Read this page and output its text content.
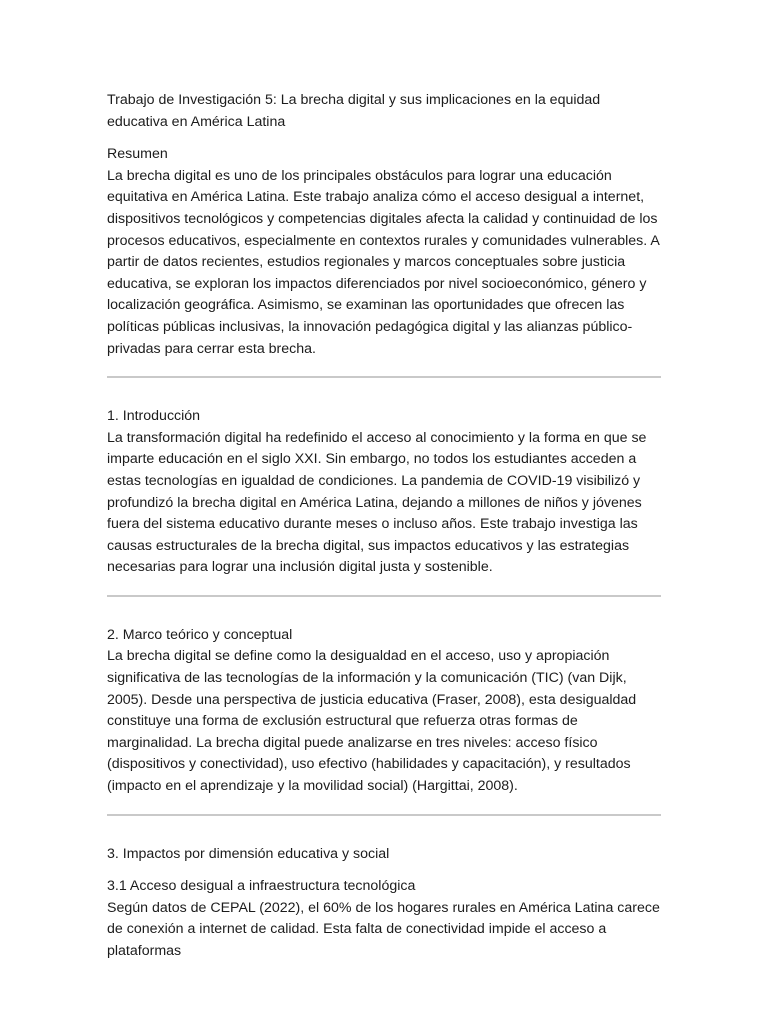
Trabajo de Investigación 5: La brecha digital y sus implicaciones en la equidad educativa en América Latina

Resumen

La brecha digital es uno de los principales obstáculos para lograr una educación equitativa en América Latina. Este trabajo analiza cómo el acceso desigual a internet, dispositivos tecnológicos y competencias digitales afecta la calidad y continuidad de los procesos educativos, especialmente en contextos rurales y comunidades vulnerables. A partir de datos recientes, estudios regionales y marcos conceptuales sobre justicia educativa, se exploran los impactos diferenciados por nivel socioeconómico, género y localización geográfica. Asimismo, se examinan las oportunidades que ofrecen las políticas públicas inclusivas, la innovación pedagógica digital y las alianzas público-privadas para cerrar esta brecha.

1. Introducción

La transformación digital ha redefinido el acceso al conocimiento y la forma en que se imparte educación en el siglo XXI. Sin embargo, no todos los estudiantes acceden a estas tecnologías en igualdad de condiciones. La pandemia de COVID-19 visibilizó y profundizó la brecha digital en América Latina, dejando a millones de niños y jóvenes fuera del sistema educativo durante meses o incluso años. Este trabajo investiga las causas estructurales de la brecha digital, sus impactos educativos y las estrategias necesarias para lograr una inclusión digital justa y sostenible.

2. Marco teórico y conceptual

La brecha digital se define como la desigualdad en el acceso, uso y apropiación significativa de las tecnologías de la información y la comunicación (TIC) (van Dijk, 2005). Desde una perspectiva de justicia educativa (Fraser, 2008), esta desigualdad constituye una forma de exclusión estructural que refuerza otras formas de marginalidad. La brecha digital puede analizarse en tres niveles: acceso físico (dispositivos y conectividad), uso efectivo (habilidades y capacitación), y resultados (impacto en el aprendizaje y la movilidad social) (Hargittai, 2008).

3. Impactos por dimensión educativa y social

3.1 Acceso desigual a infraestructura tecnológica

Según datos de CEPAL (2022), el 60% de los hogares rurales en América Latina carece de conexión a internet de calidad. Esta falta de conectividad impide el acceso a plataformas
